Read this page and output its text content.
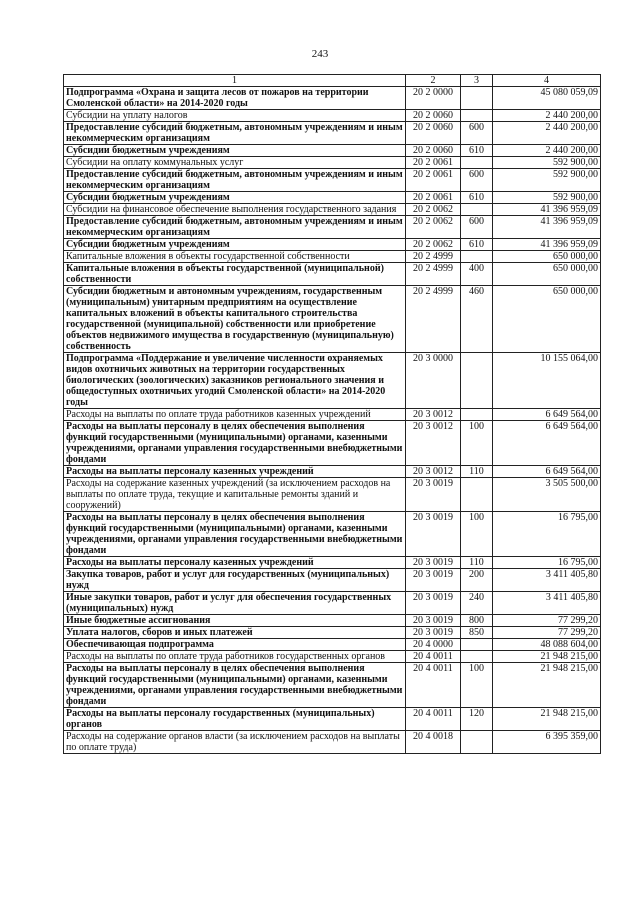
243
1	2	3	4
Подпрограмма «Охрана и защита лесов от пожаров на территории Смоленской области» на 2014-2020 годы	20 2 0000		45 080 059,09
Субсидии на уплату налогов	20 2 0060		2 440 200,00
Предоставление субсидий бюджетным, автономным учреждениям и иным некоммерческим организациям	20 2 0060	600	2 440 200,00
Субсидии бюджетным учреждениям	20 2 0060	610	2 440 200,00
Субсидии на оплату коммунальных услуг	20 2 0061		592 900,00
Предоставление субсидий бюджетным, автономным учреждениям и иным некоммерческим организациям	20 2 0061	600	592 900,00
Субсидии бюджетным учреждениям	20 2 0061	610	592 900,00
Субсидии на финансовое обеспечение выполнения государственного задания	20 2 0062		41 396 959,09
Предоставление субсидий бюджетным, автономным учреждениям и иным некоммерческим организациям	20 2 0062	600	41 396 959,09
Субсидии бюджетным учреждениям	20 2 0062	610	41 396 959,09
Капитальные вложения в объекты государственной собственности	20 2 4999		650 000,00
Капитальные вложения в объекты государственной (муниципальной) собственности	20 2 4999	400	650 000,00
Субсидии бюджетным и автономным учреждениям, государственным (муниципальным) унитарным предприятиям на осуществление капитальных вложений в объекты капитального строительства государственной (муниципальной) собственности или приобретение объектов недвижимого имущества в государственную (муниципальную) собственность	20 2 4999	460	650 000,00
Подпрограмма «Поддержание и увеличение численности охраняемых видов охотничьих животных на территории государственных биологических (зоологических) заказников регионального значения и общедоступных охотничьих угодий Смоленской области» на 2014-2020 годы	20 3 0000		10 155 064,00
Расходы на выплаты по оплате труда работников казенных учреждений	20 3 0012		6 649 564,00
Расходы на выплаты персоналу в целях обеспечения выполнения функций государственными (муниципальными) органами, казенными учреждениями, органами управления государственными внебюджетными фондами	20 3 0012	100	6 649 564,00
Расходы на выплаты персоналу казенных учреждений	20 3 0012	110	6 649 564,00
Расходы на содержание казенных учреждений (за исключением расходов на выплаты по оплате труда, текущие и капитальные ремонты зданий и сооружений)	20 3 0019		3 505 500,00
Расходы на выплаты персоналу в целях обеспечения выполнения функций государственными (муниципальными) органами, казенными учреждениями, органами управления государственными внебюджетными фондами	20 3 0019	100	16 795,00
Расходы на выплаты персоналу казенных учреждений	20 3 0019	110	16 795,00
Закупка товаров, работ и услуг для государственных (муниципальных) нужд	20 3 0019	200	3 411 405,80
Иные закупки товаров, работ и услуг для обеспечения государственных (муниципальных) нужд	20 3 0019	240	3 411 405,80
Иные бюджетные ассигнования	20 3 0019	800	77 299,20
Уплата налогов, сборов и иных платежей	20 3 0019	850	77 299,20
Обеспечивающая подпрограмма	20 4 0000		48 088 604,00
Расходы на выплаты по оплате труда работников государственных органов	20 4 0011		21 948 215,00
Расходы на выплаты персоналу в целях обеспечения выполнения функций государственными (муниципальными) органами, казенными учреждениями, органами управления государственными внебюджетными фондами	20 4 0011	100	21 948 215,00
Расходы на выплаты персоналу государственных (муниципальных) органов	20 4 0011	120	21 948 215,00
Расходы на содержание органов власти (за исключением расходов на выплаты по оплате труда)	20 4 0018		6 395 359,00
